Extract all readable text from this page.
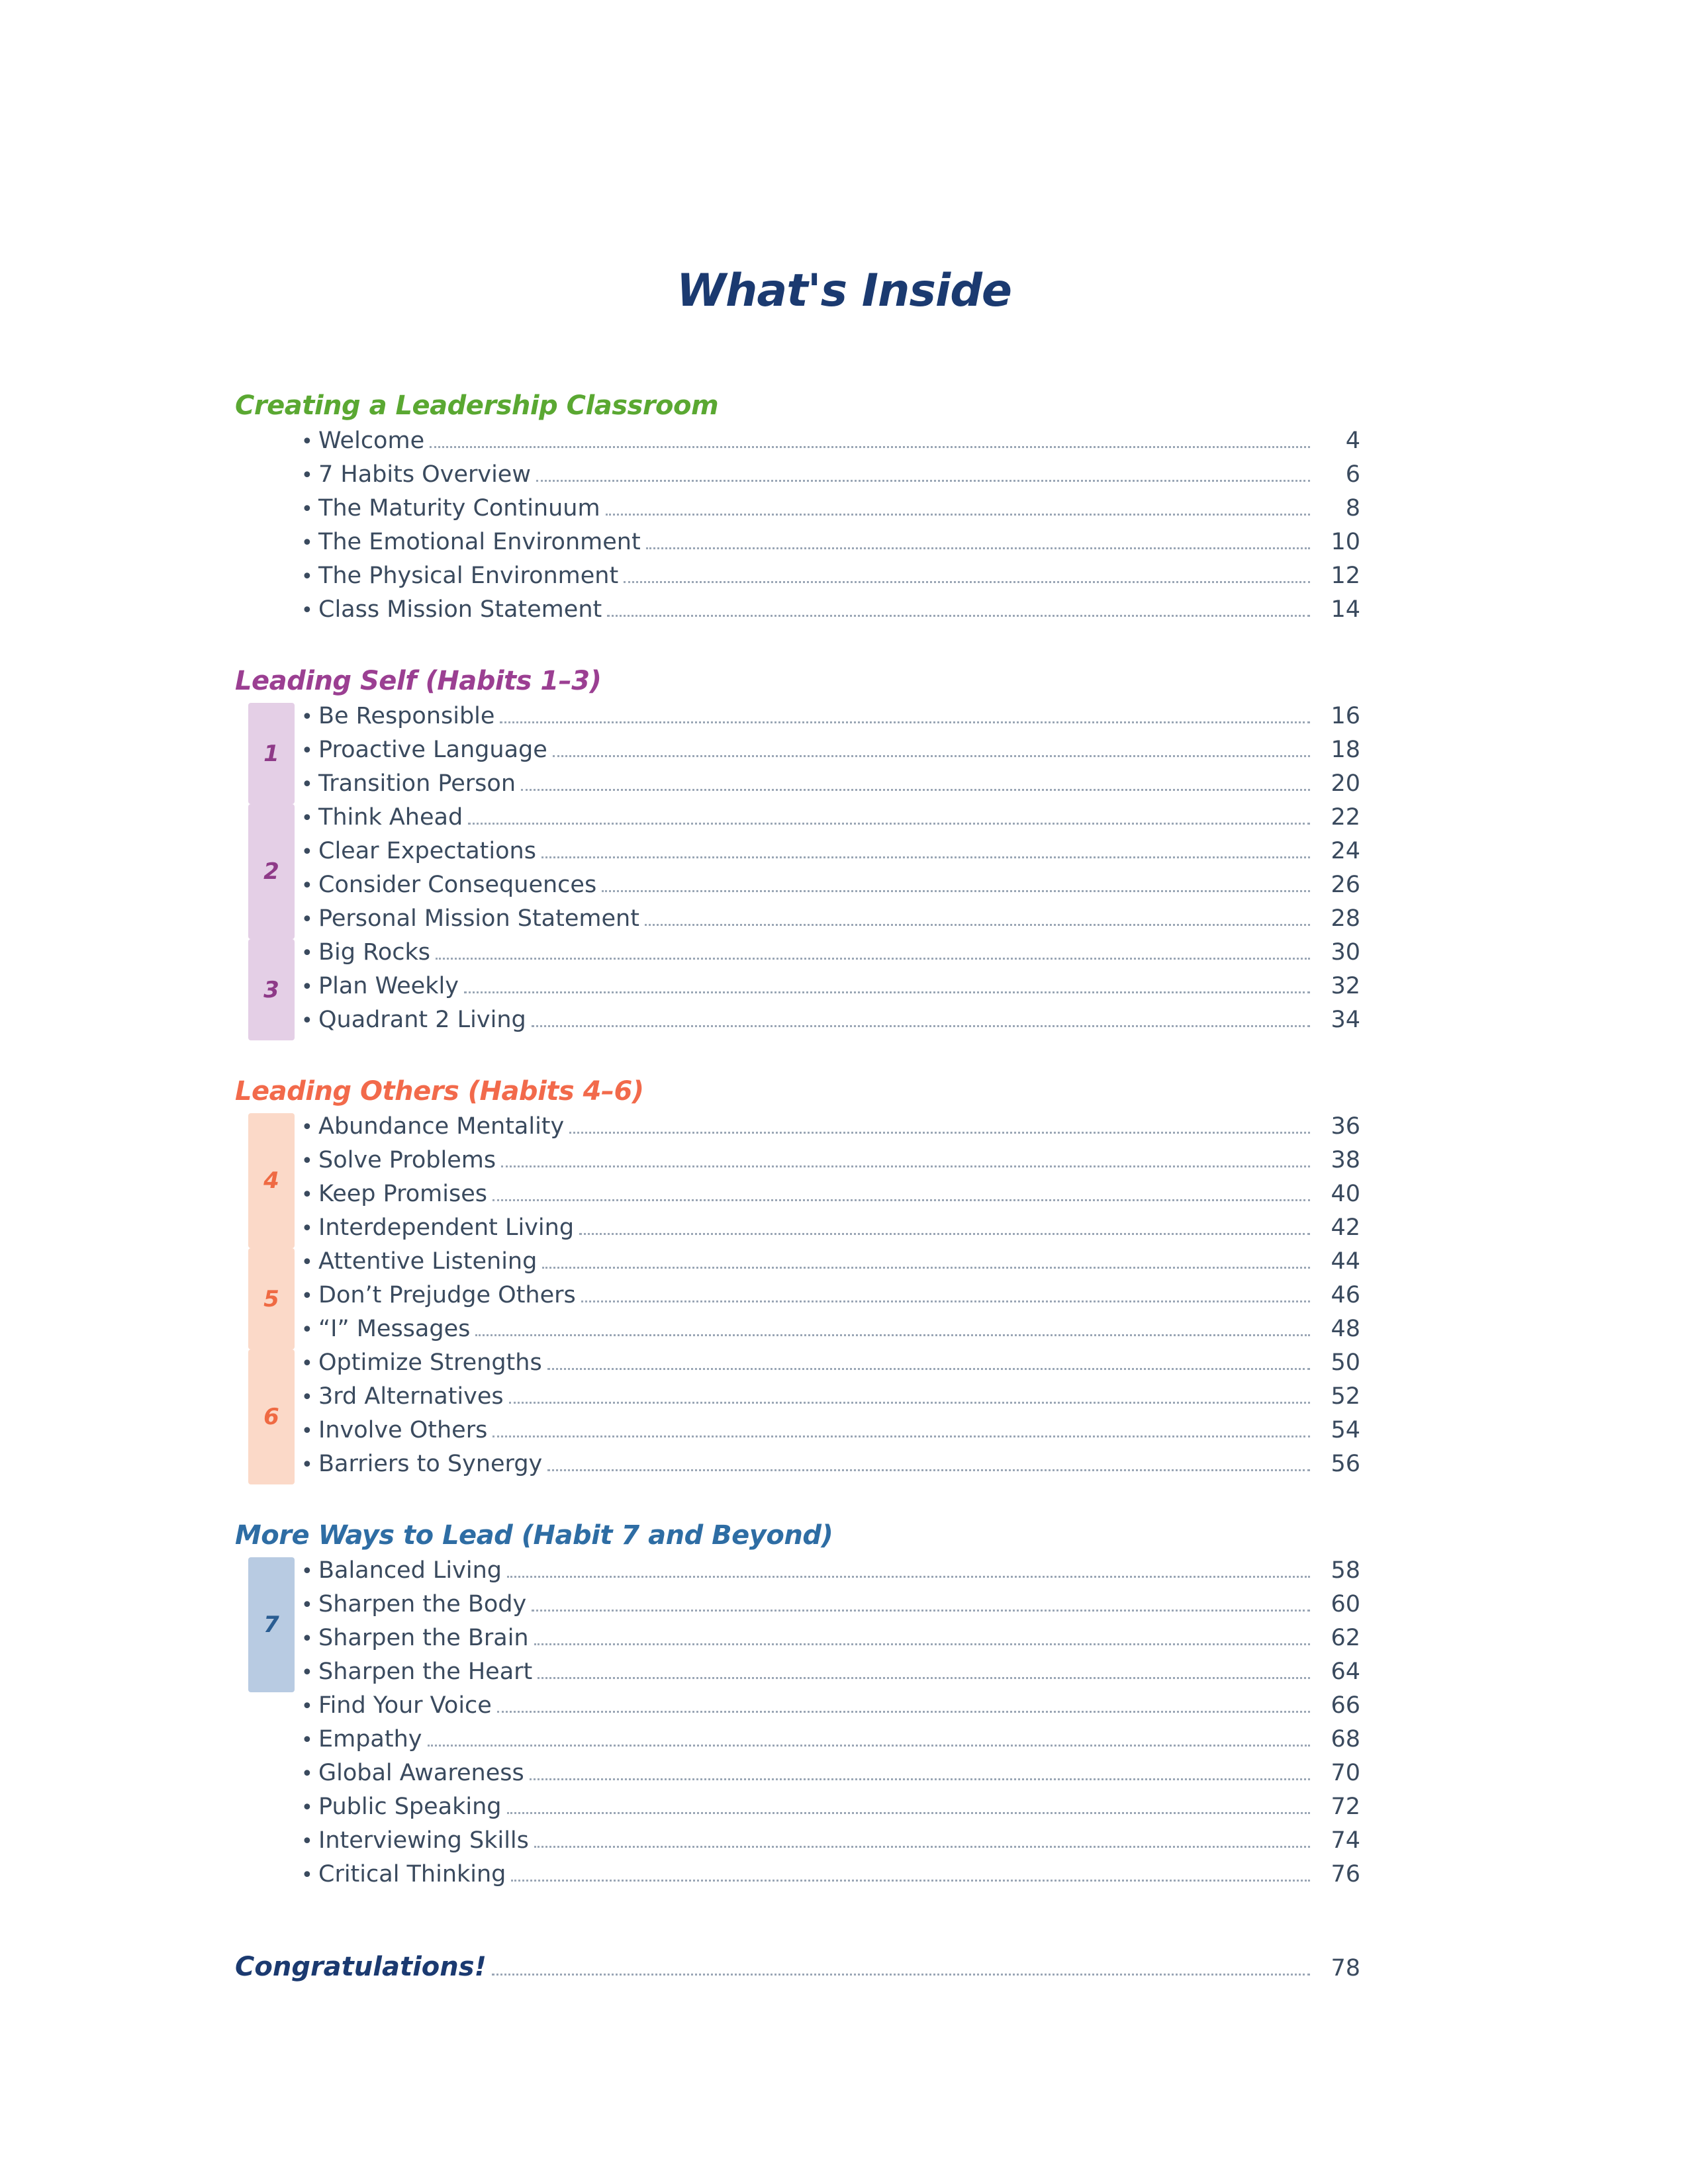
What's Inside
Creating a Leadership Classroom
• Welcome	4
• 7 Habits Overview	6
• The Maturity Continuum	8
• The Emotional Environment	10
• The Physical Environment	12
• Class Mission Statement	14
Leading Self (Habits 1–3)
1
• Be Responsible	16
• Proactive Language	18
• Transition Person	20
2
• Think Ahead	22
• Clear Expectations	24
• Consider Consequences	26
• Personal Mission Statement	28
3
• Big Rocks	30
• Plan Weekly	32
• Quadrant 2 Living	34
Leading Others (Habits 4–6)
4
• Abundance Mentality	36
• Solve Problems	38
• Keep Promises	40
• Interdependent Living	42
5
• Attentive Listening	44
• Don’t Prejudge Others	46
• “I” Messages	48
6
• Optimize Strengths	50
• 3rd Alternatives	52
• Involve Others	54
• Barriers to Synergy	56
More Ways to Lead (Habit 7 and Beyond)
7
• Balanced Living	58
• Sharpen the Body	60
• Sharpen the Brain	62
• Sharpen the Heart	64
• Find Your Voice	66
• Empathy	68
• Global Awareness	70
• Public Speaking	72
• Interviewing Skills	74
• Critical Thinking	76
Congratulations!	78
